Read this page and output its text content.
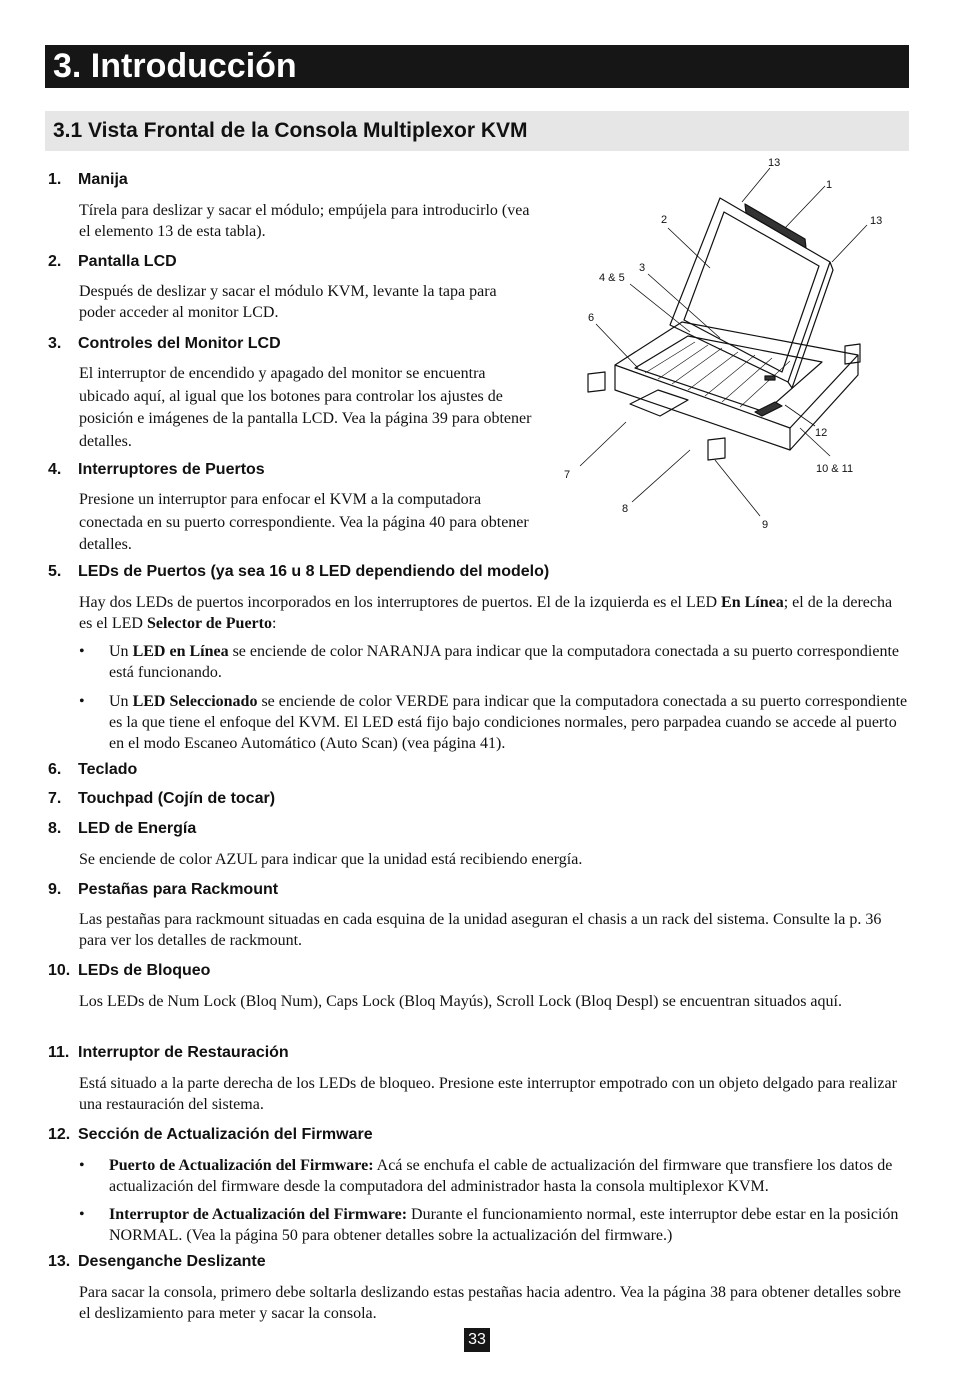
3. Introducción
3.1 Vista Frontal de la Consola Multiplexor KVM
1. Manija
Tírela para deslizar y sacar el módulo; empújela para introducirlo (vea el elemento 13 de esta tabla).
2. Pantalla LCD
Después de deslizar y sacar el módulo KVM, levante la tapa para poder acceder al monitor LCD.
3. Controles del Monitor LCD
El interruptor de encendido y apagado del monitor se encuentra ubicado aquí, al igual que los botones para controlar los ajustes de posición e imágenes de la pantalla LCD. Vea la página 39 para obtener detalles.
4. Interruptores de Puertos
Presione un interruptor para enfocar el KVM a la computadora conectada en su puerto correspondiente. Vea la página 40 para obtener detalles.
5. LEDs de Puertos (ya sea 16 u 8 LED dependiendo del modelo)
Hay dos LEDs de puertos incorporados en los interruptores de puertos. El de la izquierda es el LED En Línea; el de la derecha es el LED Selector de Puerto:
• Un LED en Línea se enciende de color NARANJA para indicar que la computadora conectada a su puerto correspondiente está funcionando.
• Un LED Seleccionado se enciende de color VERDE para indicar que la computadora conectada a su puerto correspondiente es la que tiene el enfoque del KVM. El LED está fijo bajo condiciones normales, pero parpadea cuando se accede al puerto en el modo Escaneo Automático (Auto Scan) (vea página 41).
6. Teclado
7. Touchpad (Cojín de tocar)
8. LED de Energía
Se enciende de color AZUL para indicar que la unidad está recibiendo energía.
9. Pestañas para Rackmount
Las pestañas para rackmount situadas en cada esquina de la unidad aseguran el chasis a un rack del sistema. Consulte la p. 36 para ver los detalles de rackmount.
10. LEDs de Bloqueo
Los LEDs de Num Lock (Bloq Num), Caps Lock (Bloq Mayús), Scroll Lock (Bloq Despl) se encuentran situados aquí.
11. Interruptor de Restauración
Está situado a la parte derecha de los LEDs de bloqueo. Presione este interruptor empotrado con un objeto delgado para realizar una restauración del sistema.
12. Sección de Actualización del Firmware
• Puerto de Actualización del Firmware: Acá se enchufa el cable de actualización del firmware que transfiere los datos de actualización del firmware desde la computadora del administrador hasta la consola multiplexor KVM.
• Interruptor de Actualización del Firmware: Durante el funcionamiento normal, este interruptor debe estar en la posición NORMAL. (Vea la página 50 para obtener detalles sobre la actualización del firmware.)
13. Desenganche Deslizante
Para sacar la consola, primero debe soltarla deslizando estas pestañas hacia adentro. Vea la página 38 para obtener detalles sobre el deslizamiento para meter y sacar la consola.
33
13
1
2	13
3
4 & 5
6
12
10 & 11
7
8
9
